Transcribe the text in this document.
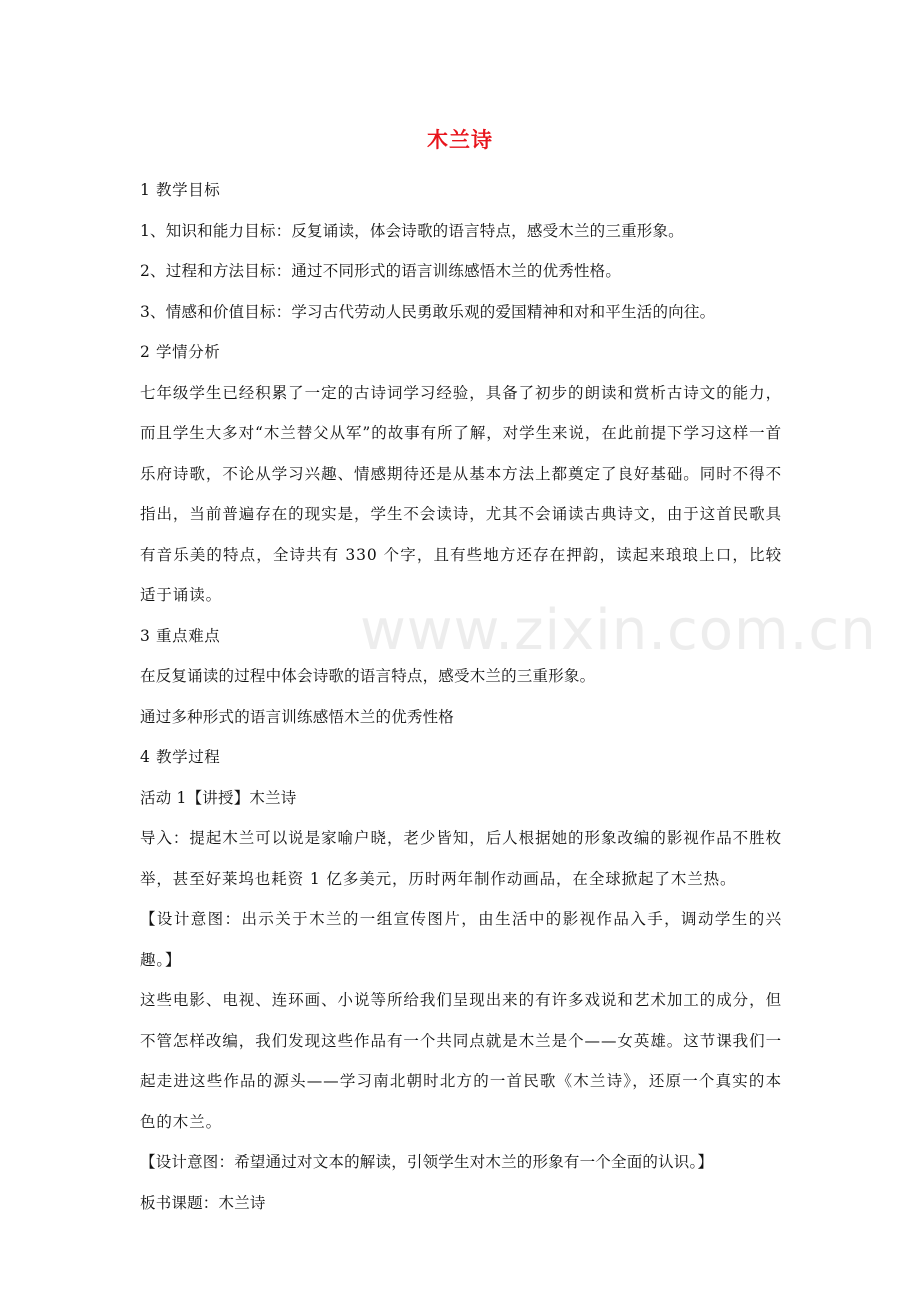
木兰诗
www.zixin.com.cn

1 教学目标

1、知识和能力目标：反复诵读，体会诗歌的语言特点，感受木兰的三重形象。

2、过程和方法目标：通过不同形式的语言训练感悟木兰的优秀性格。

3、情感和价值目标：学习古代劳动人民勇敢乐观的爱国精神和对和平生活的向往。

2 学情分析

七年级学生已经积累了一定的古诗词学习经验，具备了初步的朗读和赏析古诗文的能力，而且学生大多对“木兰替父从军”的故事有所了解，对学生来说，在此前提下学习这样一首乐府诗歌，不论从学习兴趣、情感期待还是从基本方法上都奠定了良好基础。同时不得不指出，当前普遍存在的现实是，学生不会读诗，尤其不会诵读古典诗文，由于这首民歌具有音乐美的特点，全诗共有 330 个字，且有些地方还存在押韵，读起来琅琅上口，比较适于诵读。

3 重点难点

在反复诵读的过程中体会诗歌的语言特点，感受木兰的三重形象。

通过多种形式的语言训练感悟木兰的优秀性格

4 教学过程

活动 1【讲授】木兰诗

导入：提起木兰可以说是家喻户晓，老少皆知，后人根据她的形象改编的影视作品不胜枚举，甚至好莱坞也耗资 1 亿多美元，历时两年制作动画品，在全球掀起了木兰热。

【设计意图：出示关于木兰的一组宣传图片，由生活中的影视作品入手，调动学生的兴趣。】

这些电影、电视、连环画、小说等所给我们呈现出来的有许多戏说和艺术加工的成分，但不管怎样改编，我们发现这些作品有一个共同点就是木兰是个——女英雄。这节课我们一起走进这些作品的源头——学习南北朝时北方的一首民歌《木兰诗》，还原一个真实的本色的木兰。

【设计意图：希望通过对文本的解读，引领学生对木兰的形象有一个全面的认识。】

板书课题：木兰诗
